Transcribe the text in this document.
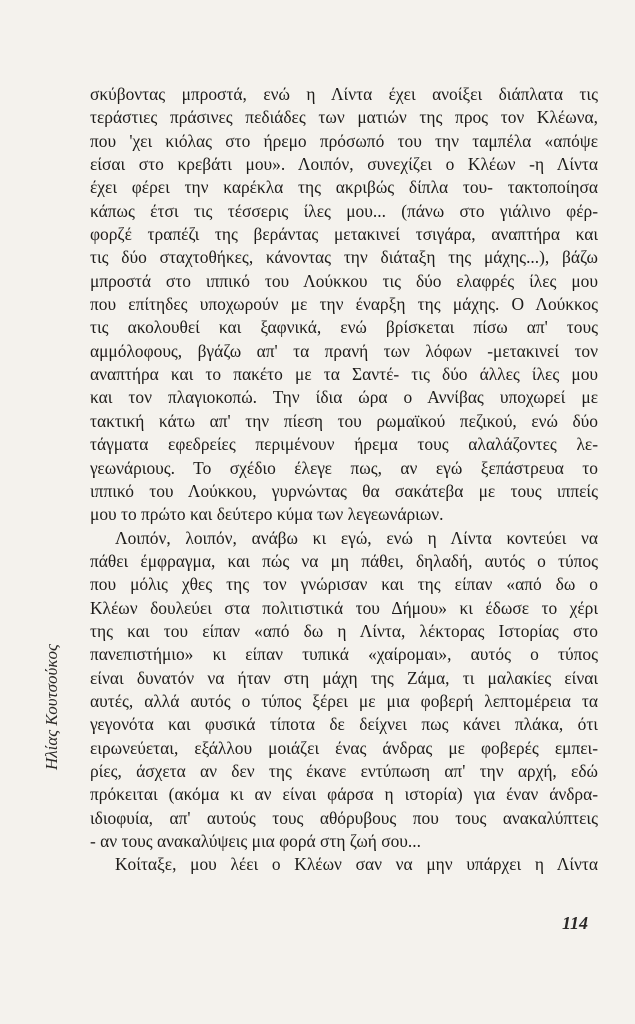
σκύβοντας μπροστά, ενώ η Λίντα έχει ανοίξει διάπλατα τις
τεράστιες πράσινες πεδιάδες των ματιών της προς τον Κλέωνα,
που 'χει κιόλας στο ήρεμο πρόσωπό του την ταμπέλα «απόψε
είσαι στο κρεβάτι μου». Λοιπόν, συνεχίζει ο Κλέων -η Λίντα
έχει φέρει την καρέκλα της ακριβώς δίπλα του- τακτοποίησα
κάπως έτσι τις τέσσερις ίλες μου... (πάνω στο γιάλινο φέρ-
φορζέ τραπέζι της βεράντας μετακινεί τσιγάρα, αναπτήρα και
τις δύο σταχτοθήκες, κάνοντας την διάταξη της μάχης...), βάζω
μπροστά στο ιππικό του Λούκκου τις δύο ελαφρές ίλες μου
που επίτηδες υποχωρούν με την έναρξη της μάχης. Ο Λούκκος
τις ακολουθεί και ξαφνικά, ενώ βρίσκεται πίσω απ' τους
αμμόλοφους, βγάζω απ' τα πρανή των λόφων -μετακινεί τον
αναπτήρα και το πακέτο με τα Σαντέ- τις δύο άλλες ίλες μου
και τον πλαγιοκοπώ. Την ίδια ώρα ο Αννίβας υποχωρεί με
τακτική κάτω απ' την πίεση του ρωμαϊκού πεζικού, ενώ δύο
τάγματα εφεδρείες περιμένουν ήρεμα τους αλαλάζοντες λε-
γεωνάριους. Το σχέδιο έλεγε πως, αν εγώ ξεπάστρευα το
ιππικό του Λούκκου, γυρνώντας θα σακάτεβα με τους ιππείς
μου το πρώτο και δεύτερο κύμα των λεγεωνάριων.
Λοιπόν, λοιπόν, ανάβω κι εγώ, ενώ η Λίντα κοντεύει να
πάθει έμφραγμα, και πώς να μη πάθει, δηλαδή, αυτός ο τύπος
που μόλις χθες της τον γνώρισαν και της είπαν «από δω ο
Κλέων δουλεύει στα πολιτιστικά του Δήμου» κι έδωσε το χέρι
της και του είπαν «από δω η Λίντα, λέκτορας Ιστορίας στο
πανεπιστήμιο» κι είπαν τυπικά «χαίρομαι», αυτός ο τύπος
είναι δυνατόν να ήταν στη μάχη της Ζάμα, τι μαλακίες είναι
αυτές, αλλά αυτός ο τύπος ξέρει με μια φοβερή λεπτομέρεια τα
γεγονότα και φυσικά τίποτα δε δείχνει πως κάνει πλάκα, ότι
ειρωνεύεται, εξάλλου μοιάζει ένας άνδρας με φοβερές εμπει-
ρίες, άσχετα αν δεν της έκανε εντύπωση απ' την αρχή, εδώ
πρόκειται (ακόμα κι αν είναι φάρσα η ιστορία) για έναν άνδρα-
ιδιοφυία, απ' αυτούς τους αθόρυβους που τους ανακαλύπτεις
- αν τους ανακαλύψεις μια φορά στη ζωή σου...
Κοίταξε, μου λέει ο Κλέων σαν να μην υπάρχει η Λίντα
Ηλίας Κουτσούκος
114
